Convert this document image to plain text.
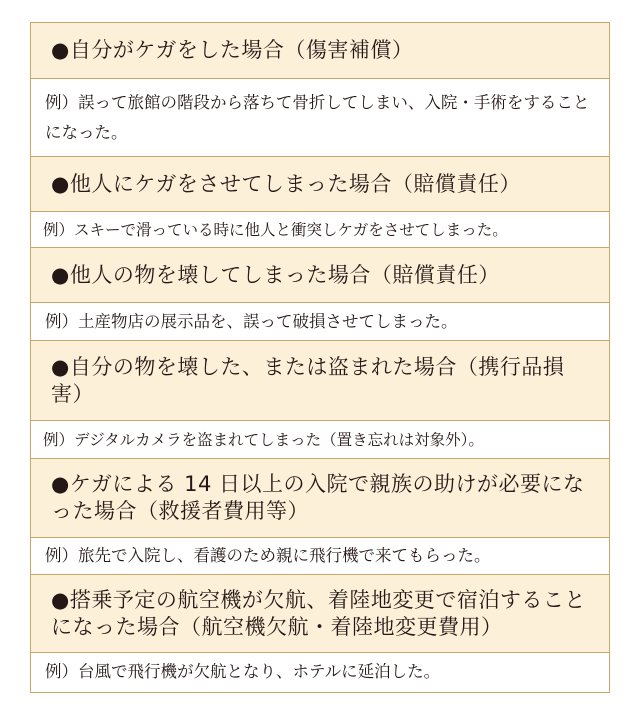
●自分がケガをした場合（傷害補償）
例）誤って旅館の階段から落ちて骨折してしまい、入院・手術をすることになった。
●他人にケガをさせてしまった場合（賠償責任）
例）スキーで滑っている時に他人と衝突しケガをさせてしまった。
●他人の物を壊してしまった場合（賠償責任）
例）土産物店の展示品を、誤って破損させてしまった。
●自分の物を壊した、または盗まれた場合（携行品損害）
例）デジタルカメラを盗まれてしまった（置き忘れは対象外）。
●ケガによる 14 日以上の入院で親族の助けが必要になった場合（救援者費用等）
例）旅先で入院し、看護のため親に飛行機で来てもらった。
●搭乗予定の航空機が欠航、着陸地変更で宿泊することになった場合（航空機欠航・着陸地変更費用）
例）台風で飛行機が欠航となり、ホテルに延泊した。
